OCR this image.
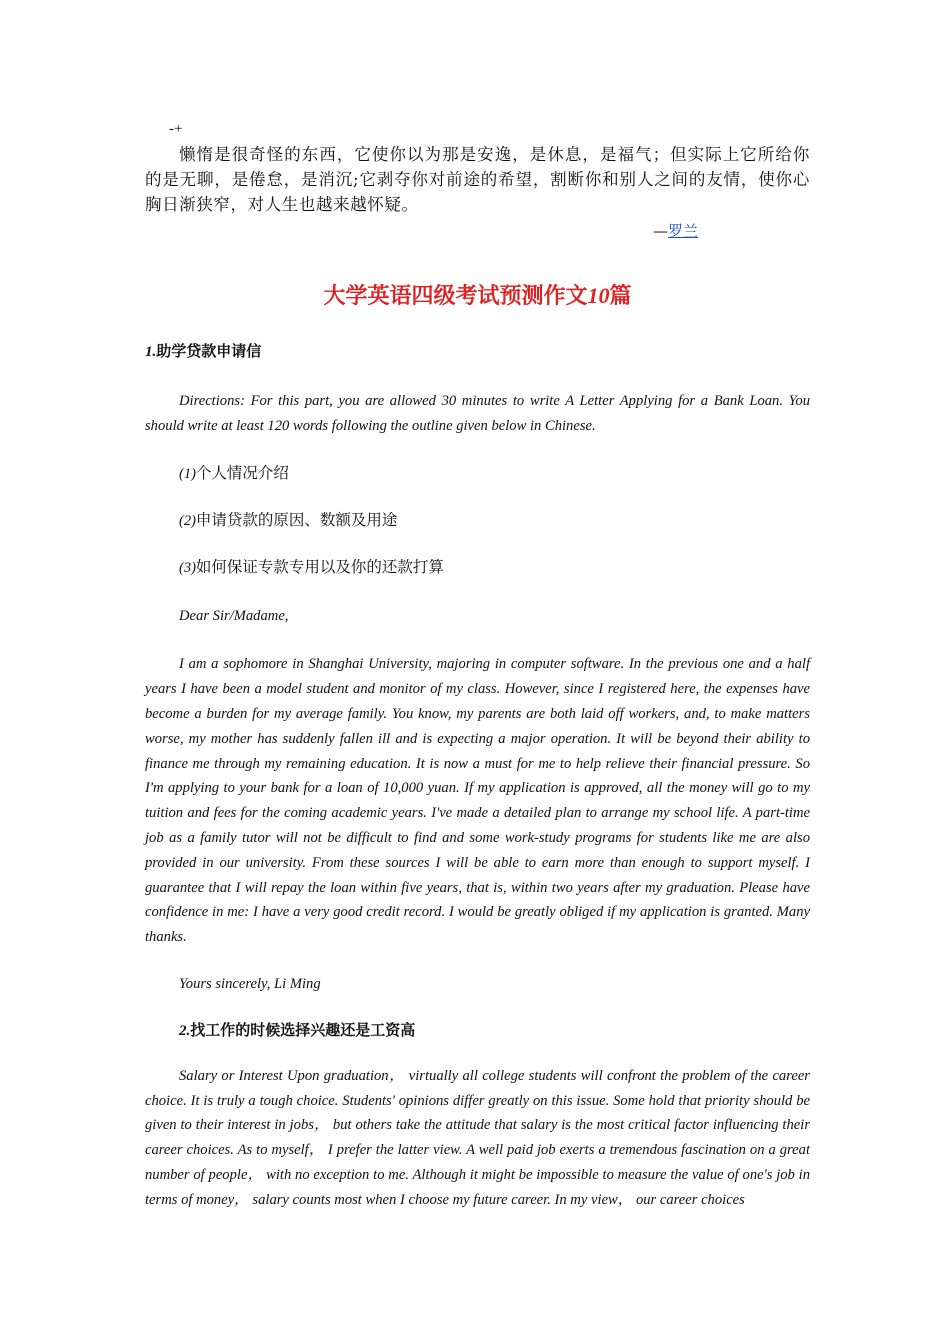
-+

懒惰是很奇怪的东西，它使你以为那是安逸，是休息，是福气；但实际上它所给你的是无聊，是倦怠，是消沉;它剥夺你对前途的希望，割断你和别人之间的友情，使你心胸日渐狭窄，对人生也越来越怀疑。

—罗兰
大学英语四级考试预测作文10篇
1.助学贷款申请信

Directions: For this part, you are allowed 30 minutes to write A Letter Applying for a Bank Loan. You should write at least 120 words following the outline given below in Chinese.

(1)个人情况介绍
(2)申请贷款的原因、数额及用途
(3)如何保证专款专用以及你的还款打算
Dear Sir/Madame,

I am a sophomore in Shanghai University, majoring in computer software. In the previous one and a half years I have been a model student and monitor of my class. However, since I registered here, the expenses have become a burden for my average family. You know, my parents are both laid off workers, and, to make matters worse, my mother has suddenly fallen ill and is expecting a major operation. It will be beyond their ability to finance me through my remaining education. It is now a must for me to help relieve their financial pressure. So I'm applying to your bank for a loan of 10,000 yuan. If my application is approved, all the money will go to my tuition and fees for the coming academic years. I've made a detailed plan to arrange my school life. A part-time job as a family tutor will not be difficult to find and some work-study programs for students like me are also provided in our university. From these sources I will be able to earn more than enough to support myself. I guarantee that I will repay the loan within five years, that is, within two years after my graduation. Please have confidence in me: I have a very good credit record. I would be greatly obliged if my application is granted. Many thanks.

Yours sincerely, Li Ming
2.找工作的时候选择兴趣还是工资高

Salary or Interest Upon graduation， virtually all college students will confront the problem of the career choice. It is truly a tough choice. Students' opinions differ greatly on this issue. Some hold that priority should be given to their interest in jobs， but others take the attitude that salary is the most critical factor influencing their career choices. As to myself， I prefer the latter view. A well paid job exerts a tremendous fascination on a great number of people， with no exception to me. Although it might be impossible to measure the value of one's job in terms of money， salary counts most when I choose my future career. In my view， our career choices
